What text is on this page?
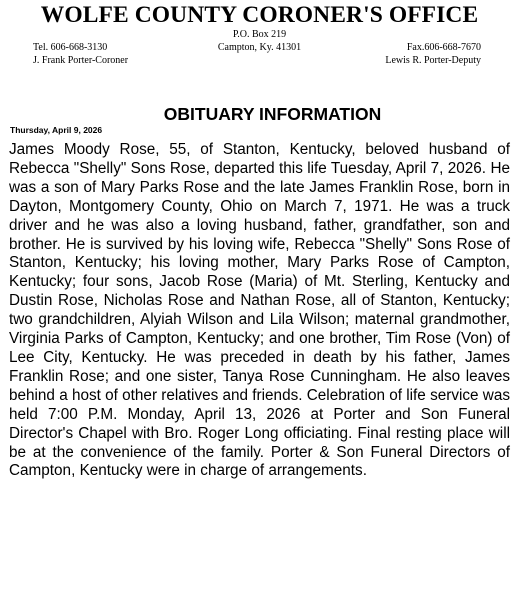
WOLFE COUNTY CORONER'S OFFICE
P.O. Box 219
Tel. 606-668-3130	Campton, Ky. 41301	Fax.606-668-7670
J. Frank Porter-Coroner	Lewis R. Porter-Deputy
OBITUARY INFORMATION
Thursday, April 9, 2026
James Moody Rose, 55, of Stanton, Kentucky, beloved husband of Rebecca "Shelly" Sons Rose, departed this life Tuesday, April 7, 2026. He was a son of Mary Parks Rose and the late James Franklin Rose, born in Dayton, Montgomery County, Ohio on March 7, 1971. He was a truck driver and he was also a loving husband, father, grandfather, son and brother. He is survived by his loving wife, Rebecca "Shelly" Sons Rose of Stanton, Kentucky; his loving mother, Mary Parks Rose of Campton, Kentucky; four sons, Jacob Rose (Maria) of Mt. Sterling, Kentucky and Dustin Rose, Nicholas Rose and Nathan Rose, all of Stanton, Kentucky; two grandchildren, Alyiah Wilson and Lila Wilson; maternal grandmother, Virginia Parks of Campton, Kentucky; and one brother, Tim Rose (Von) of Lee City, Kentucky. He was preceded in death by his father, James Franklin Rose; and one sister, Tanya Rose Cunningham. He also leaves behind a host of other relatives and friends. Celebration of life service was held 7:00 P.M. Monday, April 13, 2026 at Porter and Son Funeral Director's Chapel with Bro. Roger Long officiating. Final resting place will be at the convenience of the family. Porter & Son Funeral Directors of Campton, Kentucky were in charge of arrangements.
